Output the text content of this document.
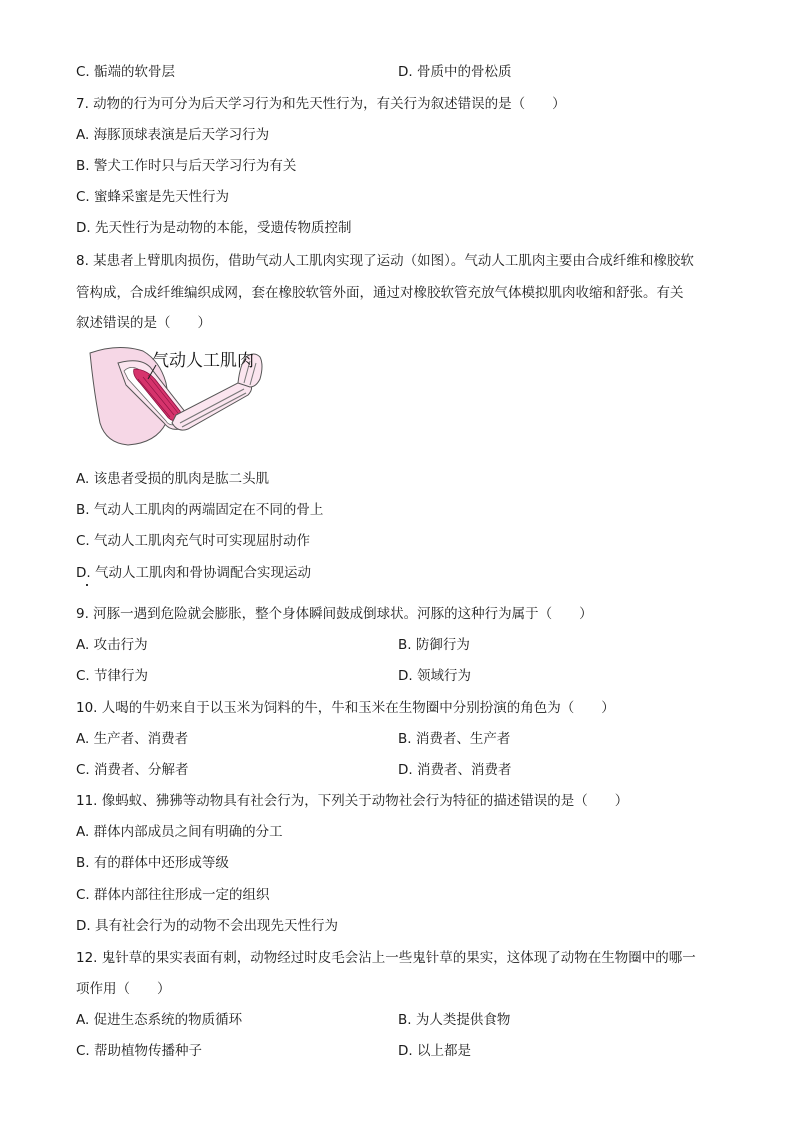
C. 骺端的软骨层	D. 骨质中的骨松质
7. 动物的行为可分为后天学习行为和先天性行为，有关行为叙述错误的是（　　）
A. 海豚顶球表演是后天学习行为
B. 警犬工作时只与后天学习行为有关
C. 蜜蜂采蜜是先天性行为
D. 先天性行为是动物的本能，受遗传物质控制
8. 某患者上臂肌肉损伤，借助气动人工肌肉实现了运动（如图）。气动人工肌肉主要由合成纤维和橡胶软
管构成，合成纤维编织成网，套在橡胶软管外面，通过对橡胶软管充放气体模拟肌肉收缩和舒张。有关
叙述错误的是（　　）
气动人工肌肉
A. 该患者受损的肌肉是肱二头肌
B. 气动人工肌肉的两端固定在不同的骨上
C. 气动人工肌肉充气时可实现屈肘动作
D. 气动人工肌肉和骨协调配合实现运动
9. 河豚一遇到危险就会膨胀，整个身体瞬间鼓成倒球状。河豚的这种行为属于（　　）
A. 攻击行为	B. 防御行为
C. 节律行为	D. 领域行为
10. 人喝的牛奶来自于以玉米为饲料的牛，牛和玉米在生物圈中分别扮演的角色为（　　）
A. 生产者、消费者	B. 消费者、生产者
C. 消费者、分解者	D. 消费者、消费者
11. 像蚂蚁、狒狒等动物具有社会行为，下列关于动物社会行为特征的描述错误的是（　　）
A. 群体内部成员之间有明确的分工
B. 有的群体中还形成等级
C. 群体内部往往形成一定的组织
D. 具有社会行为的动物不会出现先天性行为
12. 鬼针草的果实表面有刺，动物经过时皮毛会沾上一些鬼针草的果实，这体现了动物在生物圈中的哪一
项作用（　　）
A. 促进生态系统的物质循环	B. 为人类提供食物
C. 帮助植物传播种子	D. 以上都是
